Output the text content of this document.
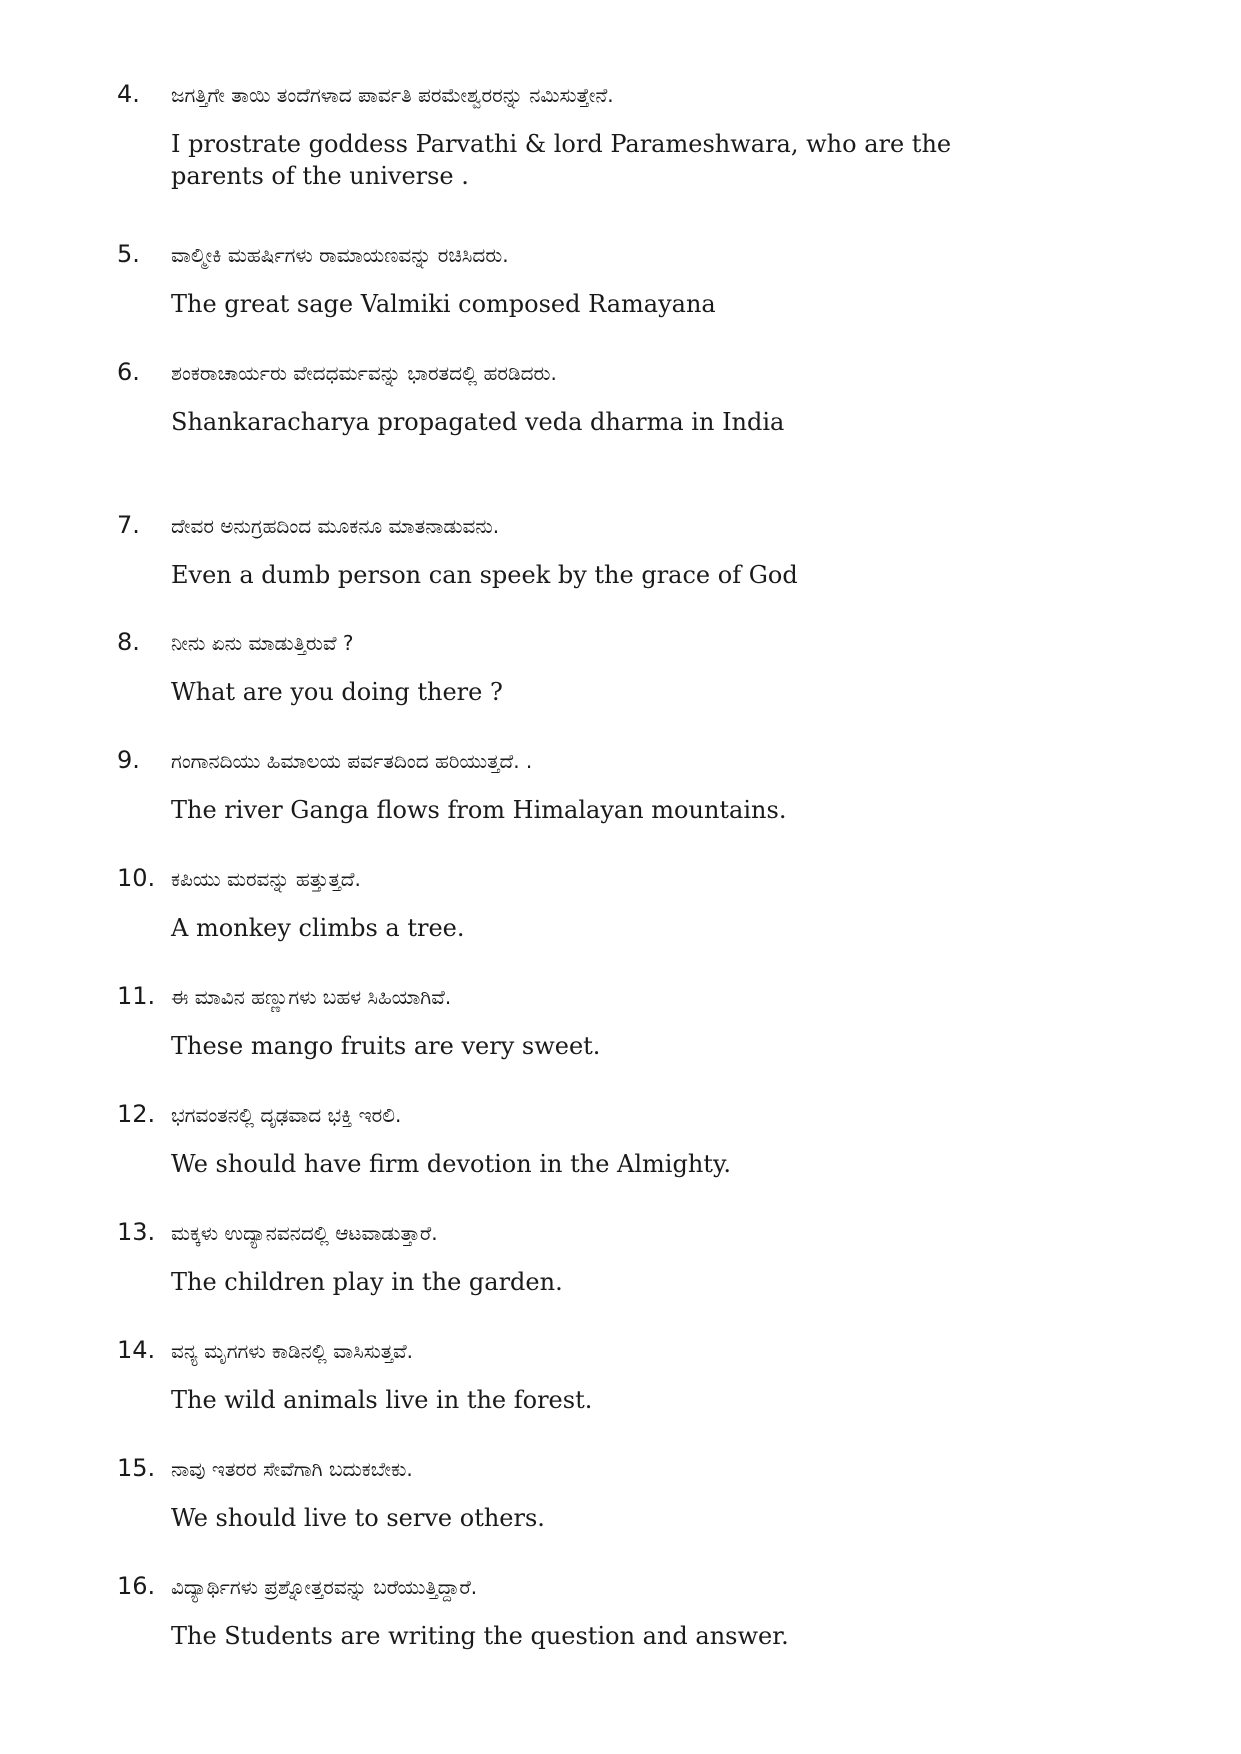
4. ಜಗತ್ತಿಗೇ ತಾಯಿ ತಂದೆಗಳಾದ ಪಾರ್ವತಿ ಪರಮೇಶ್ವರರನ್ನು ನಮಿಸುತ್ತೇನೆ.
I prostrate goddess Parvathi & lord Parameshwara, who are the
parents of the universe .
5. ವಾಲ್ಮೀಕಿ ಮಹರ್ಷಿಗಳು ರಾಮಾಯಣವನ್ನು ರಚಿಸಿದರು.
The great sage Valmiki composed Ramayana
6. ಶಂಕರಾಚಾರ್ಯರು ವೇದಧರ್ಮವನ್ನು ಭಾರತದಲ್ಲಿ ಹರಡಿದರು.
Shankaracharya propagated veda dharma in India
7. ದೇವರ ಅನುಗ್ರಹದಿಂದ ಮೂಕನೂ ಮಾತನಾಡುವನು.
Even a dumb person can speek by the grace of God
8. ನೀನು ಏನು ಮಾಡುತ್ತಿರುವೆ ?
What are you doing there ?
9. ಗಂಗಾನದಿಯು ಹಿಮಾಲಯ ಪರ್ವತದಿಂದ ಹರಿಯುತ್ತದೆ. .
The river Ganga flows from Himalayan mountains.
10. ಕಪಿಯು ಮರವನ್ನು ಹತ್ತುತ್ತದೆ.
A monkey climbs a tree.
11. ಈ ಮಾವಿನ ಹಣ್ಣುಗಳು ಬಹಳ ಸಿಹಿಯಾಗಿವೆ.
These mango fruits are very sweet.
12. ಭಗವಂತನಲ್ಲಿ ದೃಢವಾದ ಭಕ್ತಿ ಇರಲಿ.
We should have firm devotion in the Almighty.
13. ಮಕ್ಕಳು ಉದ್ಯಾನವನದಲ್ಲಿ ಆಟವಾಡುತ್ತಾರೆ.
The children play in the garden.
14. ವನ್ಯ ಮೃಗಗಳು ಕಾಡಿನಲ್ಲಿ ವಾಸಿಸುತ್ತವೆ.
The wild animals live in the forest.
15. ನಾವು ಇತರರ ಸೇವೆಗಾಗಿ ಬದುಕಬೇಕು.
We should live to serve others.
16. ವಿದ್ಯಾರ್ಥಿಗಳು ಪ್ರಶ್ನೋತ್ತರವನ್ನು ಬರೆಯುತ್ತಿದ್ದಾರೆ.
The Students are writing the question and answer.
